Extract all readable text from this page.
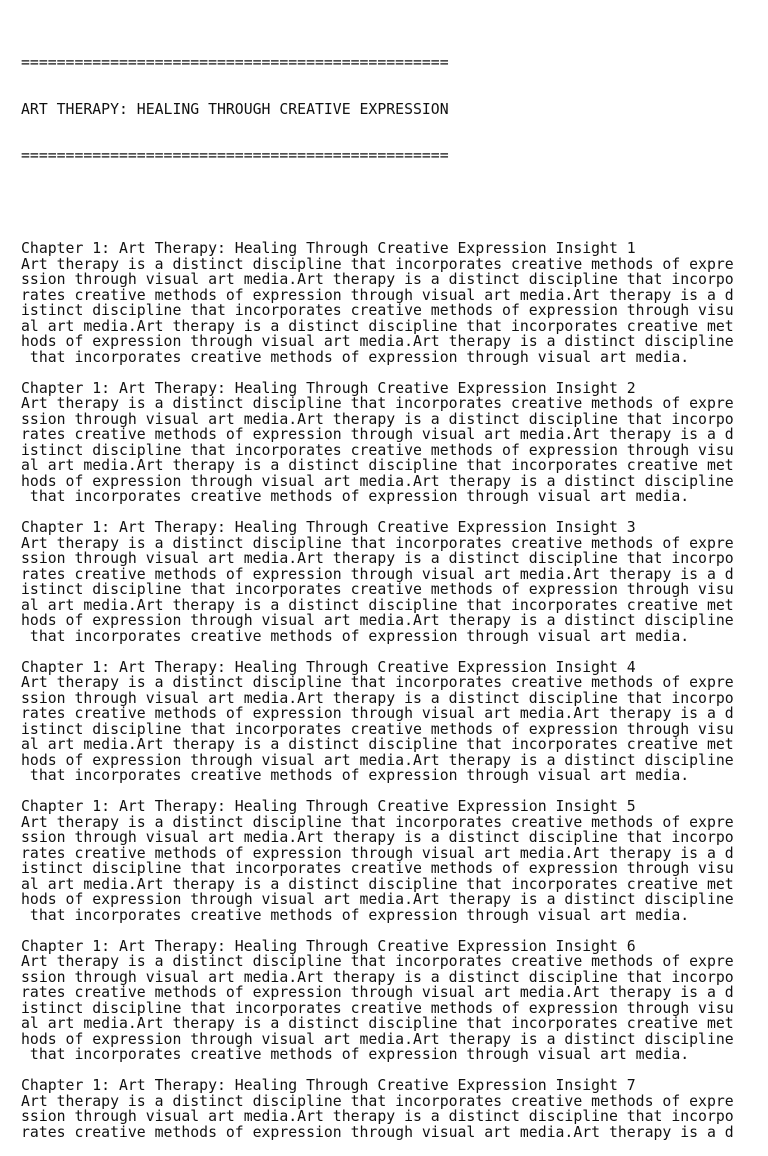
================================================

ART THERAPY: HEALING THROUGH CREATIVE EXPRESSION

================================================

Chapter 1: Art Therapy: Healing Through Creative Expression Insight 1
Art therapy is a distinct discipline that incorporates creative methods of expre
ssion through visual art media.Art therapy is a distinct discipline that incorpo
rates creative methods of expression through visual art media.Art therapy is a d
istinct discipline that incorporates creative methods of expression through visu
al art media.Art therapy is a distinct discipline that incorporates creative met
hods of expression through visual art media.Art therapy is a distinct discipline
that incorporates creative methods of expression through visual art media.
Chapter 1: Art Therapy: Healing Through Creative Expression Insight 2
Art therapy is a distinct discipline that incorporates creative methods of expre
ssion through visual art media.Art therapy is a distinct discipline that incorpo
rates creative methods of expression through visual art media.Art therapy is a d
istinct discipline that incorporates creative methods of expression through visu
al art media.Art therapy is a distinct discipline that incorporates creative met
hods of expression through visual art media.Art therapy is a distinct discipline
that incorporates creative methods of expression through visual art media.
Chapter 1: Art Therapy: Healing Through Creative Expression Insight 3
Art therapy is a distinct discipline that incorporates creative methods of expre
ssion through visual art media.Art therapy is a distinct discipline that incorpo
rates creative methods of expression through visual art media.Art therapy is a d
istinct discipline that incorporates creative methods of expression through visu
al art media.Art therapy is a distinct discipline that incorporates creative met
hods of expression through visual art media.Art therapy is a distinct discipline
that incorporates creative methods of expression through visual art media.
Chapter 1: Art Therapy: Healing Through Creative Expression Insight 4
Art therapy is a distinct discipline that incorporates creative methods of expre
ssion through visual art media.Art therapy is a distinct discipline that incorpo
rates creative methods of expression through visual art media.Art therapy is a d
istinct discipline that incorporates creative methods of expression through visu
al art media.Art therapy is a distinct discipline that incorporates creative met
hods of expression through visual art media.Art therapy is a distinct discipline
that incorporates creative methods of expression through visual art media.
Chapter 1: Art Therapy: Healing Through Creative Expression Insight 5
Art therapy is a distinct discipline that incorporates creative methods of expre
ssion through visual art media.Art therapy is a distinct discipline that incorpo
rates creative methods of expression through visual art media.Art therapy is a d
istinct discipline that incorporates creative methods of expression through visu
al art media.Art therapy is a distinct discipline that incorporates creative met
hods of expression through visual art media.Art therapy is a distinct discipline
that incorporates creative methods of expression through visual art media.
Chapter 1: Art Therapy: Healing Through Creative Expression Insight 6
Art therapy is a distinct discipline that incorporates creative methods of expre
ssion through visual art media.Art therapy is a distinct discipline that incorpo
rates creative methods of expression through visual art media.Art therapy is a d
istinct discipline that incorporates creative methods of expression through visu
al art media.Art therapy is a distinct discipline that incorporates creative met
hods of expression through visual art media.Art therapy is a distinct discipline
that incorporates creative methods of expression through visual art media.
Chapter 1: Art Therapy: Healing Through Creative Expression Insight 7
Art therapy is a distinct discipline that incorporates creative methods of expre
ssion through visual art media.Art therapy is a distinct discipline that incorpo
rates creative methods of expression through visual art media.Art therapy is a d
